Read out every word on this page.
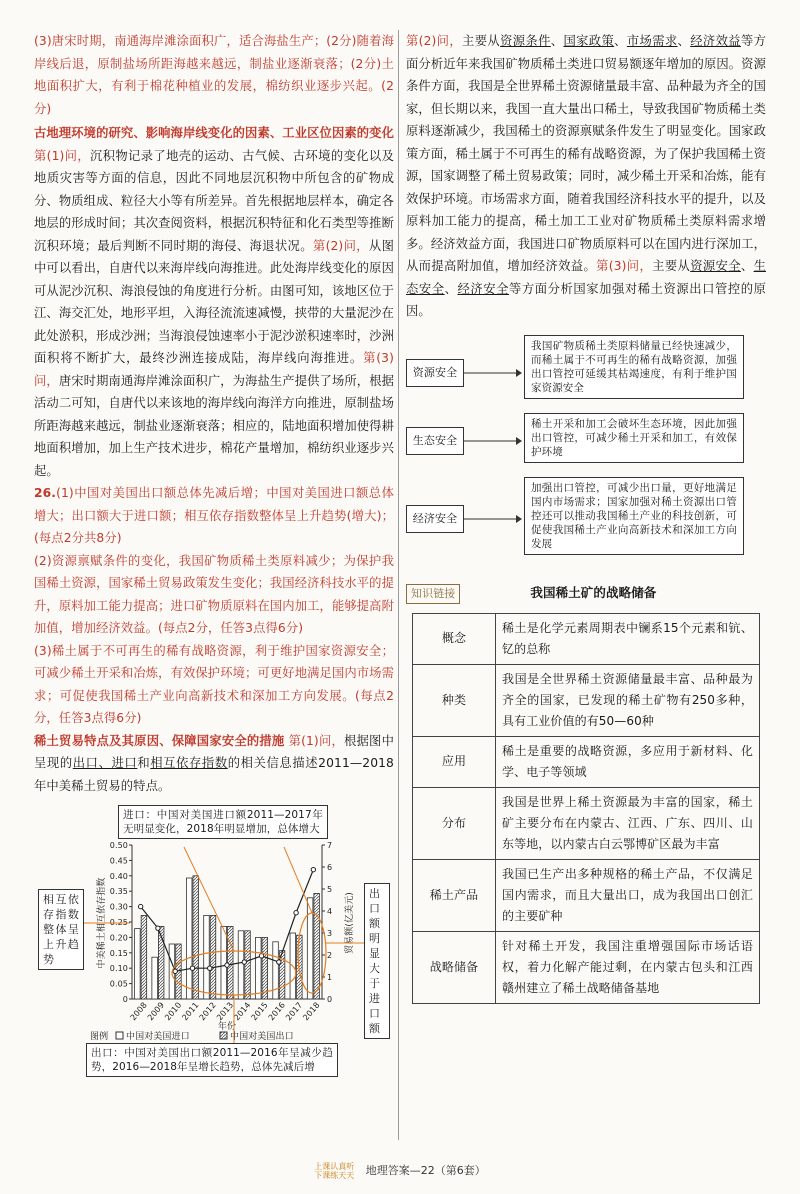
(3)唐宋时期，南通海岸滩涂面积广，适合海盐生产；(2分)随着海岸线后退，原制盐场所距海越来越远，制盐业逐渐衰落；(2分)土地面积扩大，有利于棉花种植业的发展，棉纺织业逐步兴起。(2分)

古地理环境的研究、影响海岸线变化的因素、工业区位因素的变化 第(1)问，沉积物记录了地壳的运动、古气候、古环境的变化以及地质灾害等方面的信息，因此不同地层沉积物中所包含的矿物成分、物质组成、粒径大小等有所差异。首先根据地层样本，确定各地层的形成时间；其次查阅资料，根据沉积特征和化石类型等推断沉积环境；最后判断不同时期的海侵、海退状况。第(2)问，从图中可以看出，自唐代以来海岸线向海推进。此处海岸线变化的原因可从泥沙沉积、海浪侵蚀的角度进行分析。由图可知，该地区位于江、海交汇处，地形平坦，入海径流流速减慢，挟带的大量泥沙在此处淤积，形成沙洲；当海浪侵蚀速率小于泥沙淤积速率时，沙洲面积将不断扩大，最终沙洲连接成陆，海岸线向海推进。第(3)问，唐宋时期南通海岸滩涂面积广，为海盐生产提供了场所，根据活动二可知，自唐代以来该地的海岸线向海洋方向推进，原制盐场所距海越来越远，制盐业逐渐衰落；相应的，陆地面积增加使得耕地面积增加，加上生产技术进步，棉花产量增加，棉纺织业逐步兴起。

26.(1)中国对美国出口额总体先减后增；中国对美国进口额总体增大；出口额大于进口额；相互依存指数整体呈上升趋势(增大)；(每点2分共8分)

(2)资源禀赋条件的变化，我国矿物质稀土类原料减少；为保护我国稀土资源，国家稀土贸易政策发生变化；我国经济科技水平的提升，原料加工能力提高；进口矿物质原料在国内加工，能够提高附加值，增加经济效益。(每点2分，任答3点得6分)

(3)稀土属于不可再生的稀有战略资源，利于维护国家资源安全；可减少稀土开采和冶炼，有效保护环境；可更好地满足国内市场需求；可促使我国稀土产业向高新技术和深加工方向发展。(每点2分，任答3点得6分)

稀土贸易特点及其原因、保障国家安全的措施 第(1)问，根据图中呈现的出口、进口和相互依存指数的相关信息描述2011—2018年中美稀土贸易的特点。

0
0.05
0.10
0.15
0.20
0.25
0.30
0.35
0.40
0.45
0.50
0
1
2
3
4
5
6
7
中美稀土相互依存指数	贸易额(亿美元)
年份
2008
2009
2010
2011
2012
2013
2014
2015
2016
2017
2018
图例 中国对美国进口	中国对美国出口
进口：中国对美国进口额2011—2017年无明显变化，2018年明显增加，总体增大
相互依存指数整体呈上升趋势
出口额明显大于进口额
出口：中国对美国出口额2011—2016年呈减少趋势，2016—2018年呈增长趋势，总体先减后增

第(2)问，主要从资源条件、国家政策、市场需求、经济效益等方面分析近年来我国矿物质稀土类进口贸易额逐年增加的原因。资源条件方面，我国是全世界稀土资源储量最丰富、品种最为齐全的国家，但长期以来，我国一直大量出口稀土，导致我国矿物质稀土类原料逐渐减少，我国稀土的资源禀赋条件发生了明显变化。国家政策方面，稀土属于不可再生的稀有战略资源，为了保护我国稀土资源，国家调整了稀土贸易政策；同时，减少稀土开采和冶炼，能有效保护环境。市场需求方面，随着我国经济科技水平的提升，以及原料加工能力的提高，稀土加工工业对矿物质稀土类原料需求增多。经济效益方面，我国进口矿物质原料可以在国内进行深加工，从而提高附加值，增加经济效益。第(3)问，主要从资源安全、生态安全、经济安全等方面分析国家加强对稀土资源出口管控的原因。

资源安全
我国矿物质稀土类原料储量已经快速减少，而稀土属于不可再生的稀有战略资源，加强出口管控可延缓其枯竭速度，有利于维护国家资源安全
生态安全
稀土开采和加工会破坏生态环境，因此加强出口管控，可减少稀土开采和加工，有效保护环境
经济安全
加强出口管控，可减少出口量，更好地满足国内市场需求；国家加强对稀土资源出口管控还可以推动我国稀土产业的科技创新，可促使我国稀土产业向高新技术和深加工方向发展
知识链接	我国稀土矿的战略储备
概念	稀土是化学元素周期表中镧系15个元素和钪、钇的总称
种类	我国是全世界稀土资源储量最丰富、品种最为齐全的国家，已发现的稀土矿物有250多种，具有工业价值的有50—60种
应用	稀土是重要的战略资源，多应用于新材料、化学、电子等领域
分布	我国是世界上稀土资源最为丰富的国家，稀土矿主要分布在内蒙古、江西、广东、四川、山东等地，以内蒙古白云鄂博矿区最为丰富
稀土产品	我国已生产出多种规格的稀土产品，不仅满足国内需求，而且大量出口，成为我国出口创汇的主要矿种
战略储备	针对稀土开发，我国注重增强国际市场话语权，着力化解产能过剩，在内蒙古包头和江西赣州建立了稀土战略储备基地
上课认真听
下课练天天 地理答案—22（第6套）
